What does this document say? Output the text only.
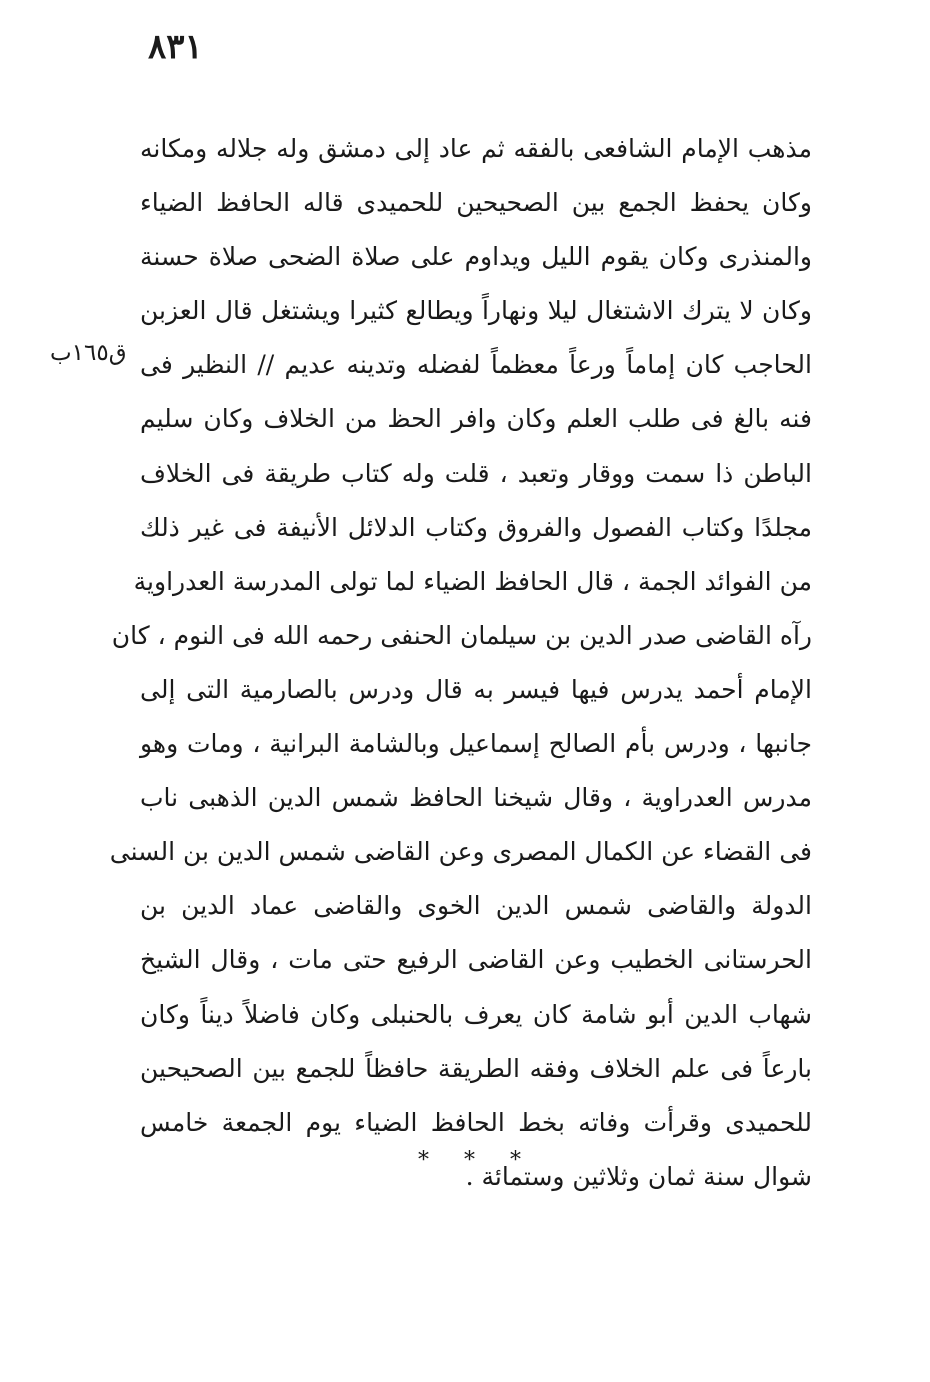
٨٣١
ق١٦٥ب
مذهب الإمام الشافعى بالفقه ثم عاد إلى دمشق وله جلاله ومكانه
وكان يحفظ الجمع بين الصحيحين للحميدى قاله الحافظ الضياء
والمنذرى وكان يقوم الليل ويداوم على صلاة الضحى صلاة حسنة
وكان لا يترك الاشتغال ليلا ونهاراً ويطالع كثيرا ويشتغل قال العزبن
الحاجب كان إماماً ورعاً معظماً لفضله وتدينه عديم // النظير فى
فنه بالغ فى طلب العلم وكان وافر الحظ من الخلاف وكان سليم
الباطن ذا سمت ووقار وتعبد ، قلت وله كتاب طريقة فى الخلاف
مجلدًا وكتاب الفصول والفروق وكتاب الدلائل الأنيفة فى غير ذلك
من الفوائد الجمة ، قال الحافظ الضياء لما تولى المدرسة العدراوية
رآه القاضى صدر الدين بن سيلمان الحنفى رحمه الله فى النوم ، كان
الإمام أحمد يدرس فيها فيسر به قال ودرس بالصارمية التى إلى
جانبها ، ودرس بأم الصالح إسماعيل وبالشامة البرانية ، ومات وهو
مدرس العدراوية ، وقال شيخنا الحافظ شمس الدين الذهبى ناب
فى القضاء عن الكمال المصرى وعن القاضى شمس الدين بن السنى
الدولة والقاضى شمس الدين الخوى والقاضى عماد الدين بن
الحرستانى الخطيب وعن القاضى الرفيع حتى مات ، وقال الشيخ
شهاب الدين أبو شامة كان يعرف بالحنبلى وكان فاضلاً ديناً وكان
بارعاً فى علم الخلاف وفقه الطريقة حافظاً للجمع بين الصحيحين
للحميدى وقرأت وفاته بخط الحافظ الضياء يوم الجمعة خامس
شوال سنة ثمان وثلاثين وستمائة .
* * *
